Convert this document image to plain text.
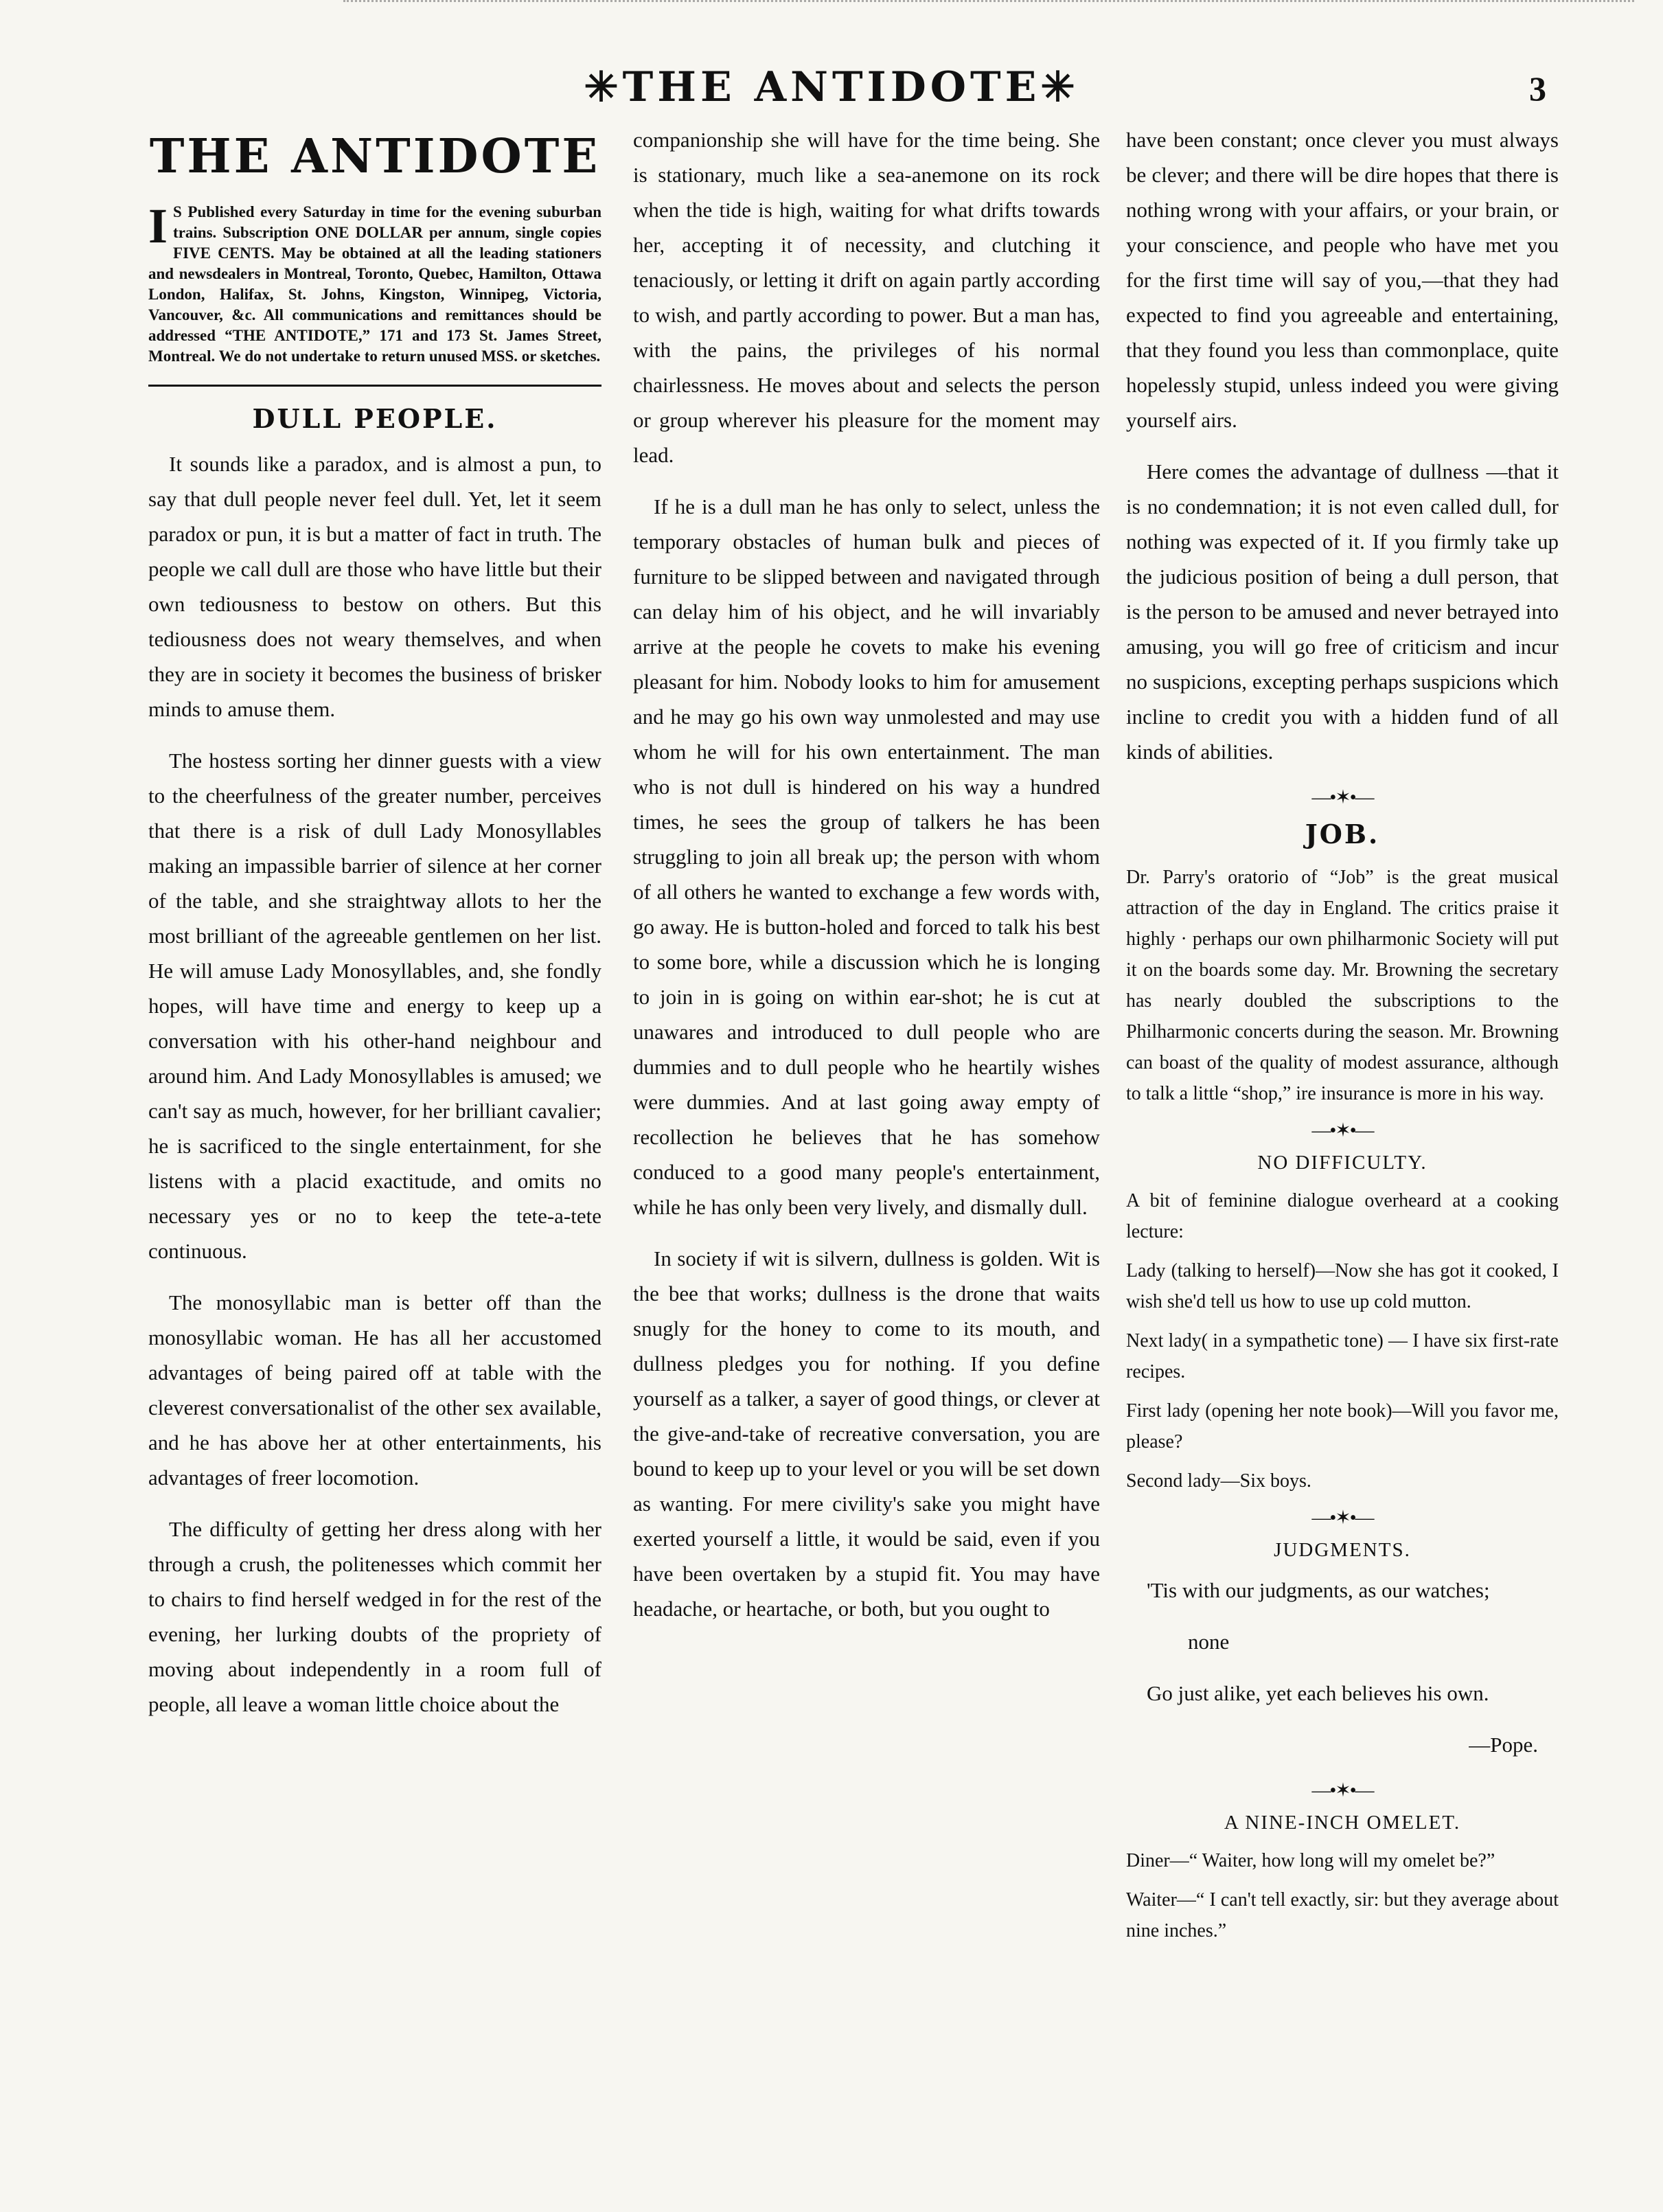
✳THE ANTIDOTE✳	3
THE ANTIDOTE
I S Published every Saturday in time for the evening suburban trains. Subscription ONE DOLLAR per annum, single copies FIVE CENTS. May be obtained at all the leading stationers and newsdealers in Montreal, Toronto, Quebec, Hamilton, Ottawa London, Halifax, St. Johns, Kingston, Winnipeg, Victoria, Vancouver, &c. All communications and remittances should be addressed “THE ANTIDOTE,” 171 and 173 St. James Street, Montreal. We do not undertake to return unused MSS. or sketches.
DULL PEOPLE.

It sounds like a paradox, and is almost a pun, to say that dull people never feel dull. Yet, let it seem paradox or pun, it is but a matter of fact in truth. The people we call dull are those who have little but their own tediousness to bestow on others. But this tediousness does not weary themselves, and when they are in society it becomes the business of brisker minds to amuse them.

The hostess sorting her dinner guests with a view to the cheerfulness of the greater number, perceives that there is a risk of dull Lady Monosyllables making an impassible barrier of silence at her corner of the table, and she straightway allots to her the most brilliant of the agreeable gentlemen on her list. He will amuse Lady Monosyllables, and, she fondly hopes, will have time and energy to keep up a conversation with his other-hand neighbour and around him. And Lady Monosyllables is amused; we can't say as much, however, for her brilliant cavalier; he is sacrificed to the single entertainment, for she listens with a placid exactitude, and omits no necessary yes or no to keep the tete-a-tete continuous.

The monosyllabic man is better off than the monosyllabic woman. He has all her accustomed advantages of being paired off at table with the cleverest conversationalist of the other sex available, and he has above her at other entertainments, his advantages of freer locomotion.

The difficulty of getting her dress along with her through a crush, the politenesses which commit her to chairs to find herself wedged in for the rest of the evening, her lurking doubts of the propriety of moving about independently in a room full of people, all leave a woman little choice about the

companionship she will have for the time being. She is stationary, much like a sea-anemone on its rock when the tide is high, waiting for what drifts towards her, accepting it of necessity, and clutching it tenaciously, or letting it drift on again partly according to wish, and partly according to power. But a man has, with the pains, the privileges of his normal chairlessness. He moves about and selects the person or group wherever his pleasure for the moment may lead.

If he is a dull man he has only to select, unless the temporary obstacles of human bulk and pieces of furniture to be slipped between and navigated through can delay him of his object, and he will invariably arrive at the people he covets to make his evening pleasant for him. Nobody looks to him for amusement and he may go his own way unmolested and may use whom he will for his own entertainment. The man who is not dull is hindered on his way a hundred times, he sees the group of talkers he has been struggling to join all break up; the person with whom of all others he wanted to exchange a few words with, go away. He is button-holed and forced to talk his best to some bore, while a discussion which he is longing to join in is going on within ear-shot; he is cut at unawares and introduced to dull people who are dummies and to dull people who he heartily wishes were dummies. And at last going away empty of recollection he believes that he has somehow conduced to a good many people's entertainment, while he has only been very lively, and dismally dull.

In society if wit is silvern, dullness is golden. Wit is the bee that works; dullness is the drone that waits snugly for the honey to come to its mouth, and dullness pledges you for nothing. If you define yourself as a talker, a sayer of good things, or clever at the give-and-take of recreative conversation, you are bound to keep up to your level or you will be set down as wanting. For mere civility's sake you might have exerted yourself a little, it would be said, even if you have been overtaken by a stupid fit. You may have headache, or heartache, or both, but you ought to

have been constant; once clever you must always be clever; and there will be dire hopes that there is nothing wrong with your affairs, or your brain, or your conscience, and people who have met you for the first time will say of you,—that they had expected to find you agreeable and entertaining, that they found you less than commonplace, quite hopelessly stupid, unless indeed you were giving yourself airs.

Here comes the advantage of dullness —that it is no condemnation; it is not even called dull, for nothing was expected of it. If you firmly take up the judicious position of being a dull person, that is the person to be amused and never betrayed into amusing, you will go free of criticism and incur no suspicions, excepting perhaps suspicions which incline to credit you with a hidden fund of all kinds of abilities.

—•✶•—
JOB.

Dr. Parry's oratorio of “Job” is the great musical attraction of the day in England. The critics praise it highly · perhaps our own philharmonic Society will put it on the boards some day. Mr. Browning the secretary has nearly doubled the subscriptions to the Philharmonic concerts during the season. Mr. Browning can boast of the quality of modest assurance, although to talk a little “shop,” ire insurance is more in his way.

—•✶•—
NO DIFFICULTY.

A bit of feminine dialogue overheard at a cooking lecture:

Lady (talking to herself)—Now she has got it cooked, I wish she'd tell us how to use up cold mutton.

Next lady( in a sympathetic tone) — I have six first-rate recipes.

First lady (opening her note book)—Will you favor me, please?

Second lady—Six boys.

—•✶•—
JUDGMENTS.

'Tis with our judgments, as our watches;

none

Go just alike, yet each believes his own.

—Pope.

—•✶•—
A NINE-INCH OMELET.

Diner—“ Waiter, how long will my omelet be?”

Waiter—“ I can't tell exactly, sir: but they average about nine inches.”
